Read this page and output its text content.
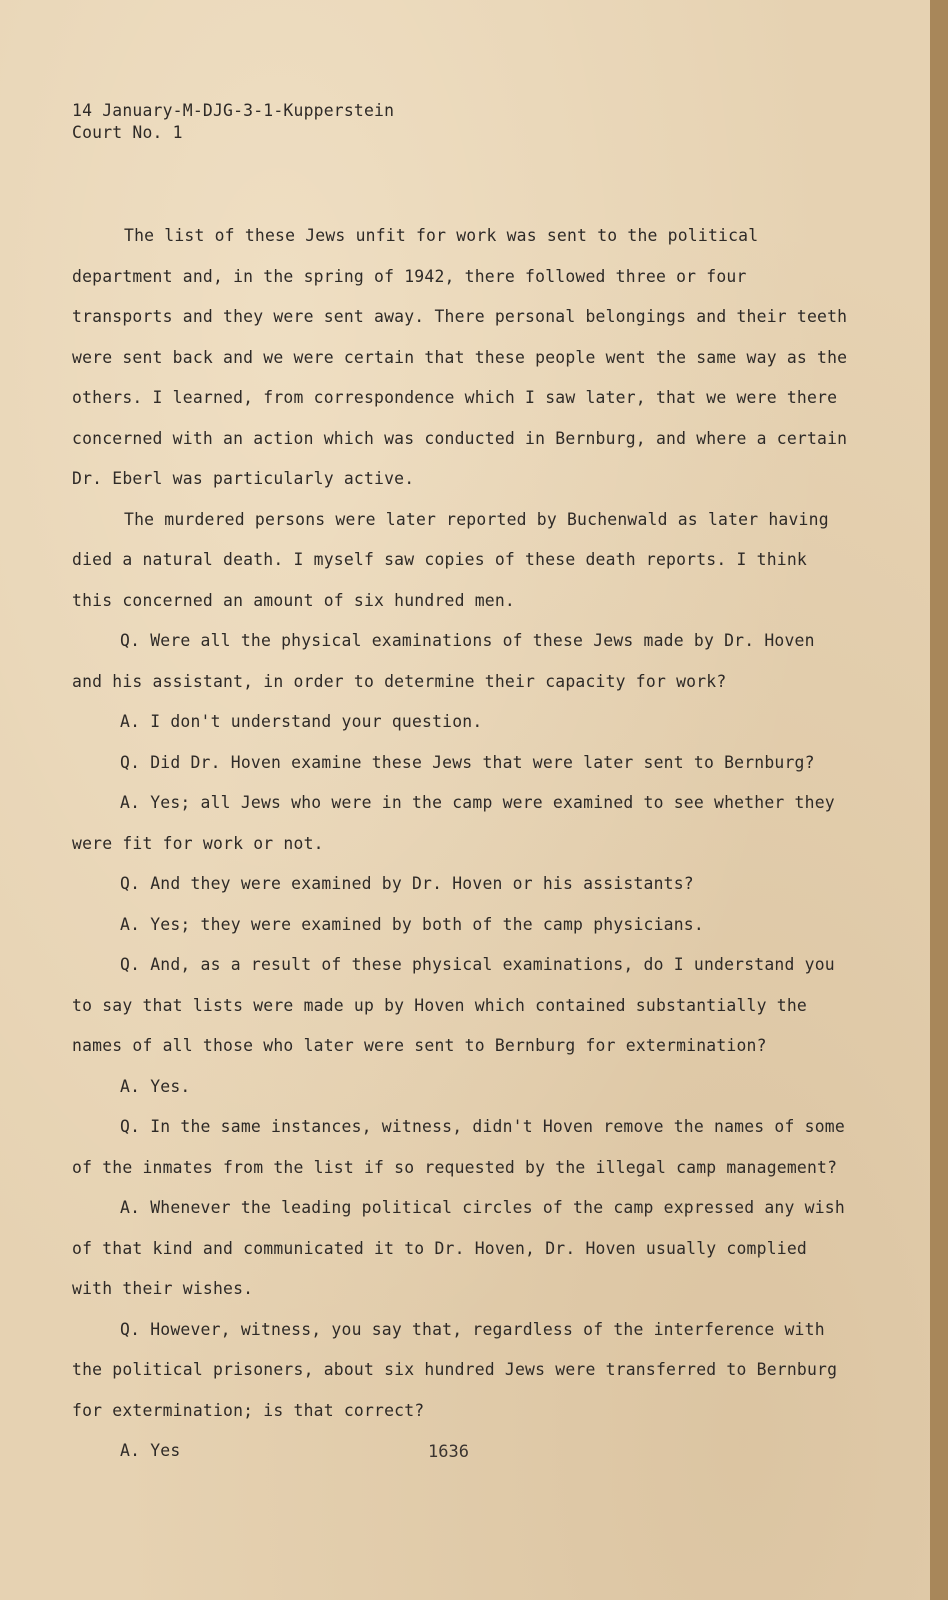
14 January-M-DJG-3-1-Kupperstein

Court No. 1

The list of these Jews unfit for work was sent to the political department and, in the spring of 1942, there followed three or four transports and they were sent away. There personal belongings and their teeth were sent back and we were certain that these people went the same way as the others. I learned, from correspondence which I saw later, that we were there concerned with an action which was conducted in Bernburg, and where a certain Dr. Eberl was particularly active.

The murdered persons were later reported by Buchenwald as later having died a natural death. I myself saw copies of these death reports. I think this concerned an amount of six hundred men.

Q. Were all the physical examinations of these Jews made by Dr. Hoven and his assistant, in order to determine their capacity for work?

A. I don't understand your question.

Q. Did Dr. Hoven examine these Jews that were later sent to Bernburg?

A. Yes; all Jews who were in the camp were examined to see whether they were fit for work or not.

Q. And they were examined by Dr. Hoven or his assistants?

A. Yes; they were examined by both of the camp physicians.

Q. And, as a result of these physical examinations, do I understand you to say that lists were made up by Hoven which contained substantially the names of all those who later were sent to Bernburg for extermination?

A. Yes.

Q. In the same instances, witness, didn't Hoven remove the names of some of the inmates from the list if so requested by the illegal camp management?

A. Whenever the leading political circles of the camp expressed any wish of that kind and communicated it to Dr. Hoven, Dr. Hoven usually complied with their wishes.

Q. However, witness, you say that, regardless of the interference with the political prisoners, about six hundred Jews were transferred to Bernburg for extermination; is that correct?

A. Yes	1636
